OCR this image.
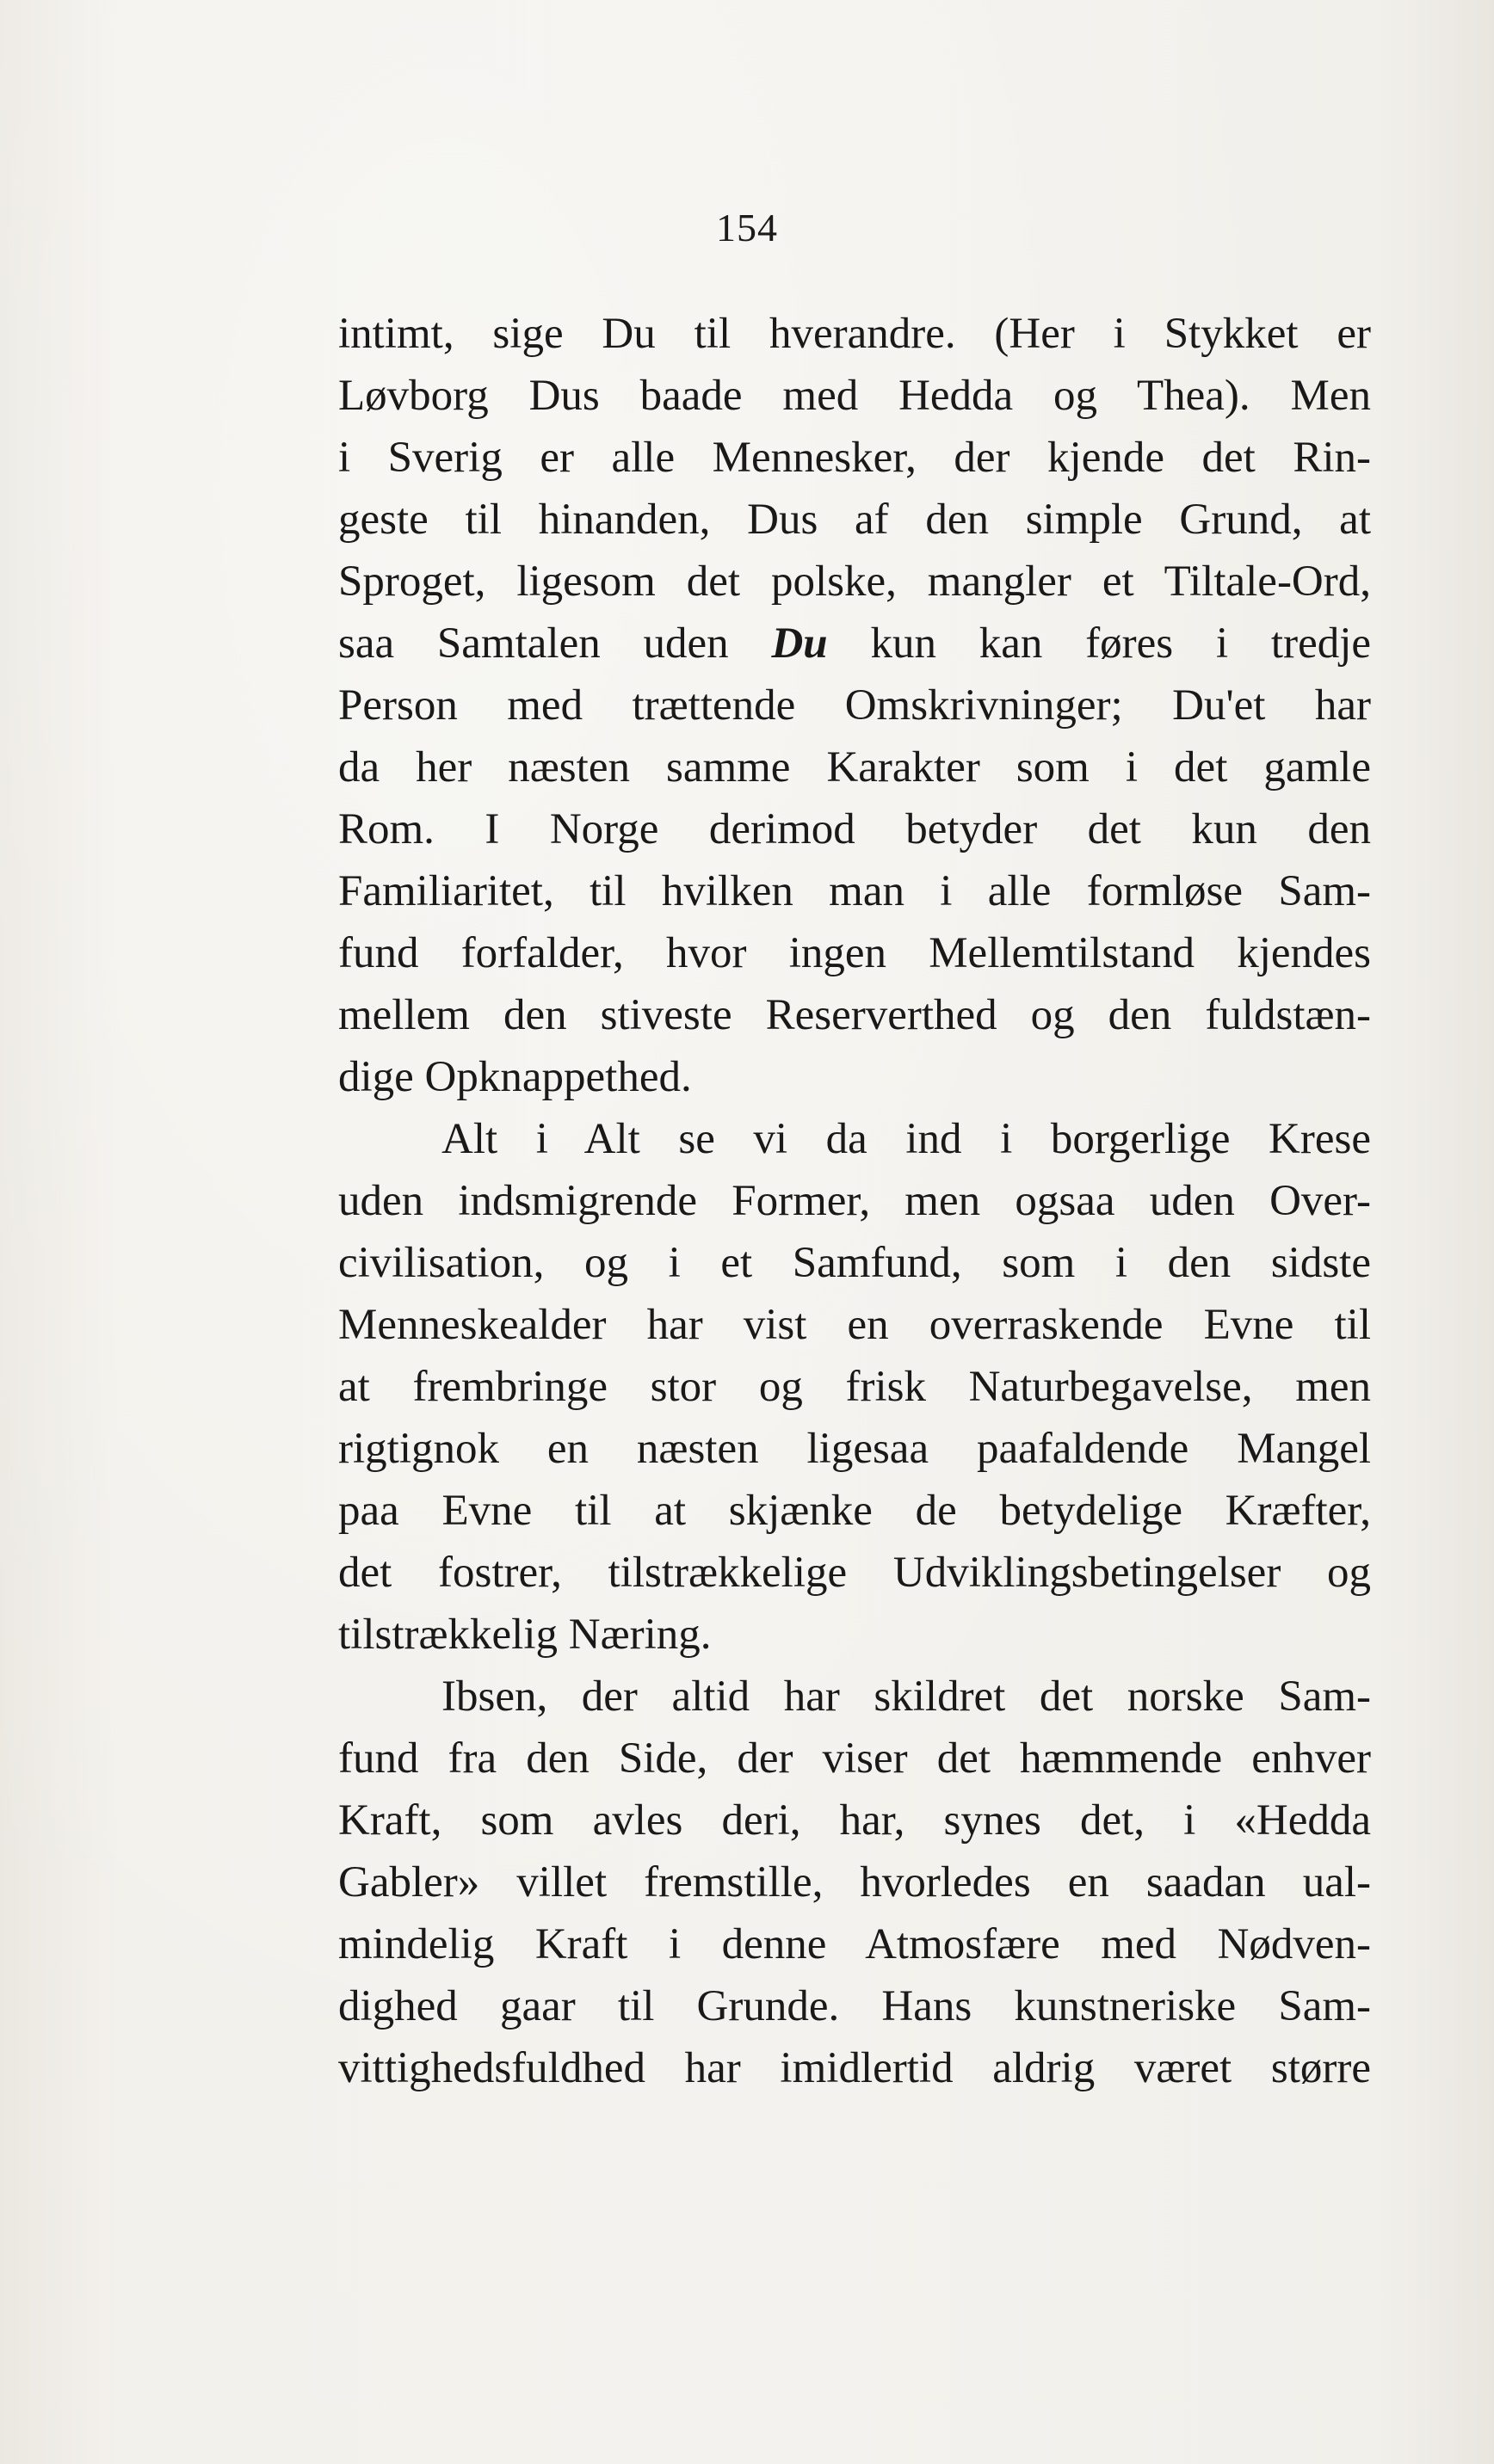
154
intimt, sige Du til hverandre. (Her i Stykket er
Løvborg Dus baade med Hedda og Thea). Men
i Sverig er alle Mennesker, der kjende det Rin-
geste til hinanden, Dus af den simple Grund, at
Sproget, ligesom det polske, mangler et Tiltale-Ord,
saa Samtalen uden Du kun kan føres i tredje
Person med trættende Omskrivninger; Du'et har
da her næsten samme Karakter som i det gamle
Rom. I Norge derimod betyder det kun den
Familiaritet, til hvilken man i alle formløse Sam-
fund forfalder, hvor ingen Mellemtilstand kjendes
mellem den stiveste Reserverthed og den fuldstæn-
dige Opknappethed.
Alt i Alt se vi da ind i borgerlige Krese
uden indsmigrende Former, men ogsaa uden Over-
civilisation, og i et Samfund, som i den sidste
Menneskealder har vist en overraskende Evne til
at frembringe stor og frisk Naturbegavelse, men
rigtignok en næsten ligesaa paafaldende Mangel
paa Evne til at skjænke de betydelige Kræfter,
det fostrer, tilstrækkelige Udviklingsbetingelser og
tilstrækkelig Næring.
Ibsen, der altid har skildret det norske Sam-
fund fra den Side, der viser det hæmmende enhver
Kraft, som avles deri, har, synes det, i «Hedda
Gabler» villet fremstille, hvorledes en saadan ual-
mindelig Kraft i denne Atmosfære med Nødven-
dighed gaar til Grunde. Hans kunstneriske Sam-
vittighedsfuldhed har imidlertid aldrig været større
